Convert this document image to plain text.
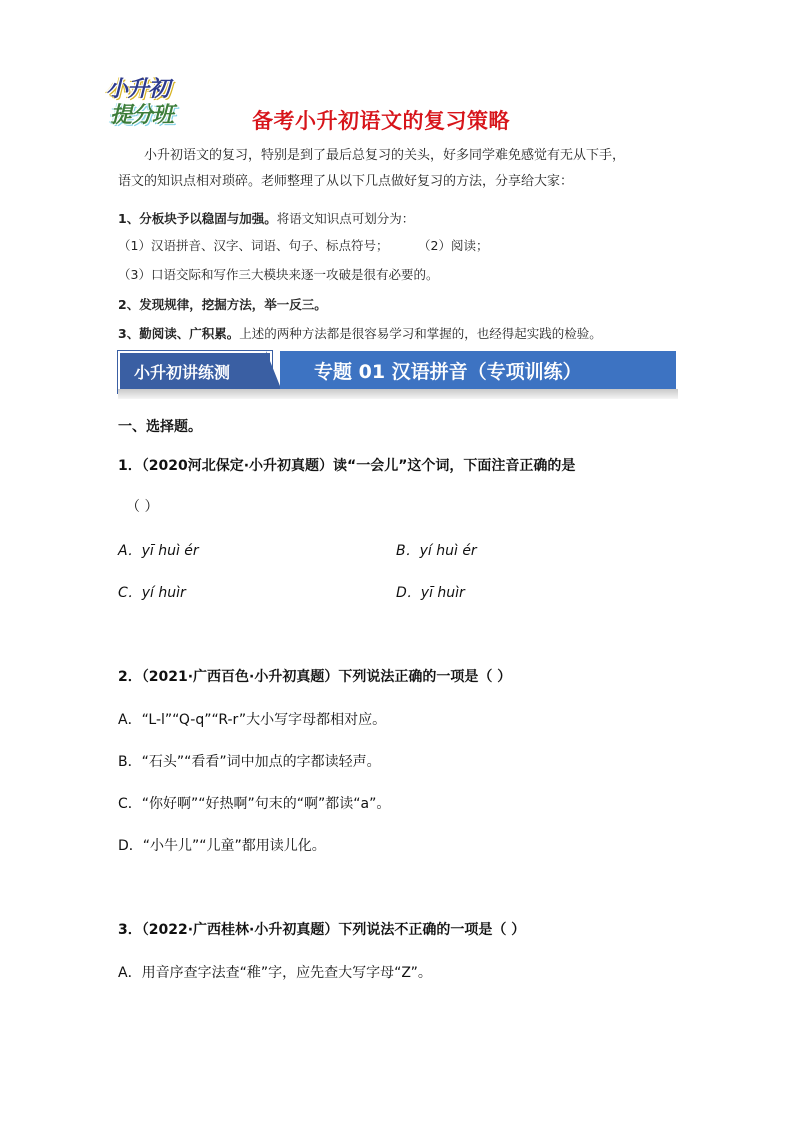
小升初
提分班	备考小升初语文的复习策略
小升初语文的复习，特别是到了最后总复习的关头，好多同学难免感觉有无从下手，
语文的知识点相对琐碎。老师整理了从以下几点做好复习的方法，分享给大家：
1、分板块予以稳固与加强。将语文知识点可划分为：
（1）汉语拼音、汉字、词语、句子、标点符号； （2）阅读；
（3）口语交际和写作三大模块来逐一攻破是很有必要的。
2、发现规律，挖掘方法，举一反三。
3、勤阅读、广积累。上述的两种方法都是很容易学习和掌握的，也经得起实践的检验。
小升初讲练测	专题 01 汉语拼音（专项训练）
一、选择题。
1．（2020河北保定·小升初真题）读“一会儿”这个词，下面注音正确的是
（ ）
A．yī huì ér	B．yí huì ér
C．yí huìr	D．yī huìr
2．（2021·广西百色·小升初真题）下列说法正确的一项是（ ）
A．“L-l”“Q-q”“R-r”大小写字母都相对应。
B．“石头”“看看”词中加点的字都读轻声。
C．“你好啊”“好热啊”句末的“啊”都读“a”。
D．“小牛儿”“儿童”都用读儿化。
3．（2022·广西桂林·小升初真题）下列说法不正确的一项是（ ）
A．用音序查字法查“稚”字，应先查大写字母“Z”。
